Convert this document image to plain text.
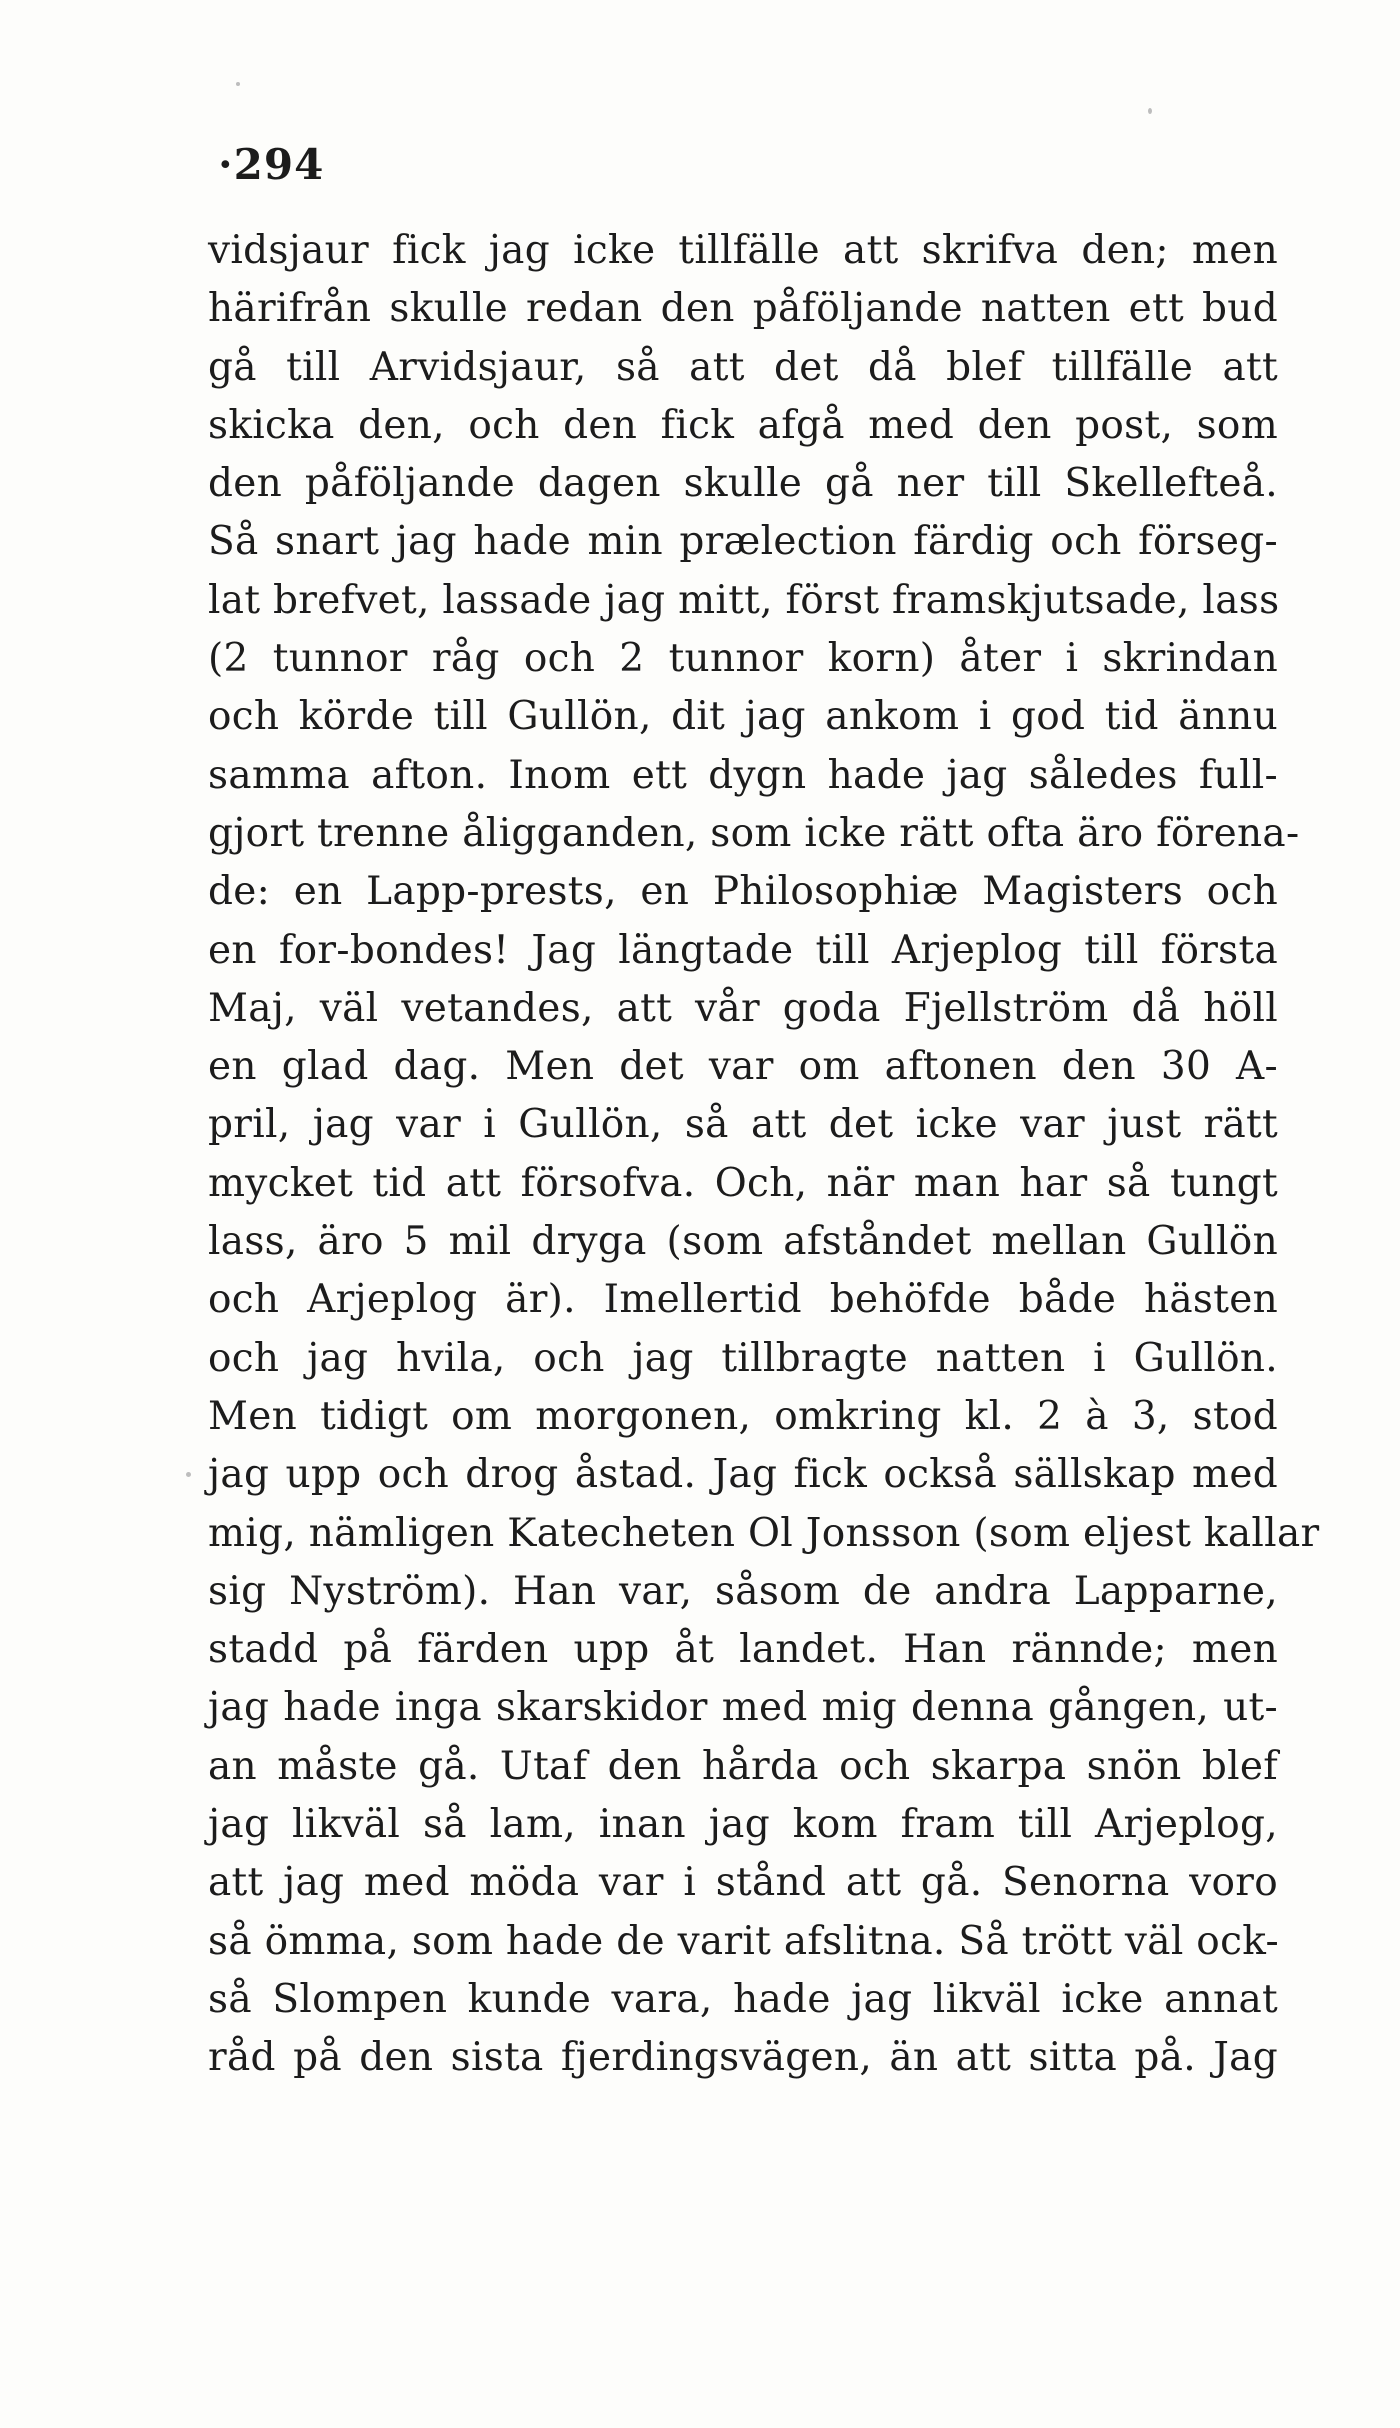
·294
vidsjaur fick jag icke tillfälle att skrifva den; men
härifrån skulle redan den påföljande natten ett bud
gå till Arvidsjaur, så att det då blef tillfälle att
skicka den, och den fick afgå med den post, som
den påföljande dagen skulle gå ner till Skellefteå.
Så snart jag hade min prælection färdig och förseg-
lat brefvet, lassade jag mitt, först framskjutsade, lass
(2 tunnor råg och 2 tunnor korn) åter i skrindan
och körde till Gullön, dit jag ankom i god tid ännu
samma afton. Inom ett dygn hade jag således full-
gjort trenne åligganden, som icke rätt ofta äro förena-
de: en Lapp-prests, en Philosophiæ Magisters och
en for-bondes! Jag längtade till Arjeplog till första
Maj, väl vetandes, att vår goda Fjellström då höll
en glad dag. Men det var om aftonen den 30 A-
pril, jag var i Gullön, så att det icke var just rätt
mycket tid att försofva. Och, när man har så tungt
lass, äro 5 mil dryga (som afståndet mellan Gullön
och Arjeplog är). Imellertid behöfde både hästen
och jag hvila, och jag tillbragte natten i Gullön.
Men tidigt om morgonen, omkring kl. 2 à 3, stod
jag upp och drog åstad. Jag fick också sällskap med
mig, nämligen Katecheten Ol Jonsson (som eljest kallar
sig Nyström). Han var, såsom de andra Lapparne,
stadd på färden upp åt landet. Han rännde; men
jag hade inga skarskidor med mig denna gången, ut-
an måste gå. Utaf den hårda och skarpa snön blef
jag likväl så lam, inan jag kom fram till Arjeplog,
att jag med möda var i stånd att gå. Senorna voro
så ömma, som hade de varit afslitna. Så trött väl ock-
så Slompen kunde vara, hade jag likväl icke annat
råd på den sista fjerdingsvägen, än att sitta på. Jag
